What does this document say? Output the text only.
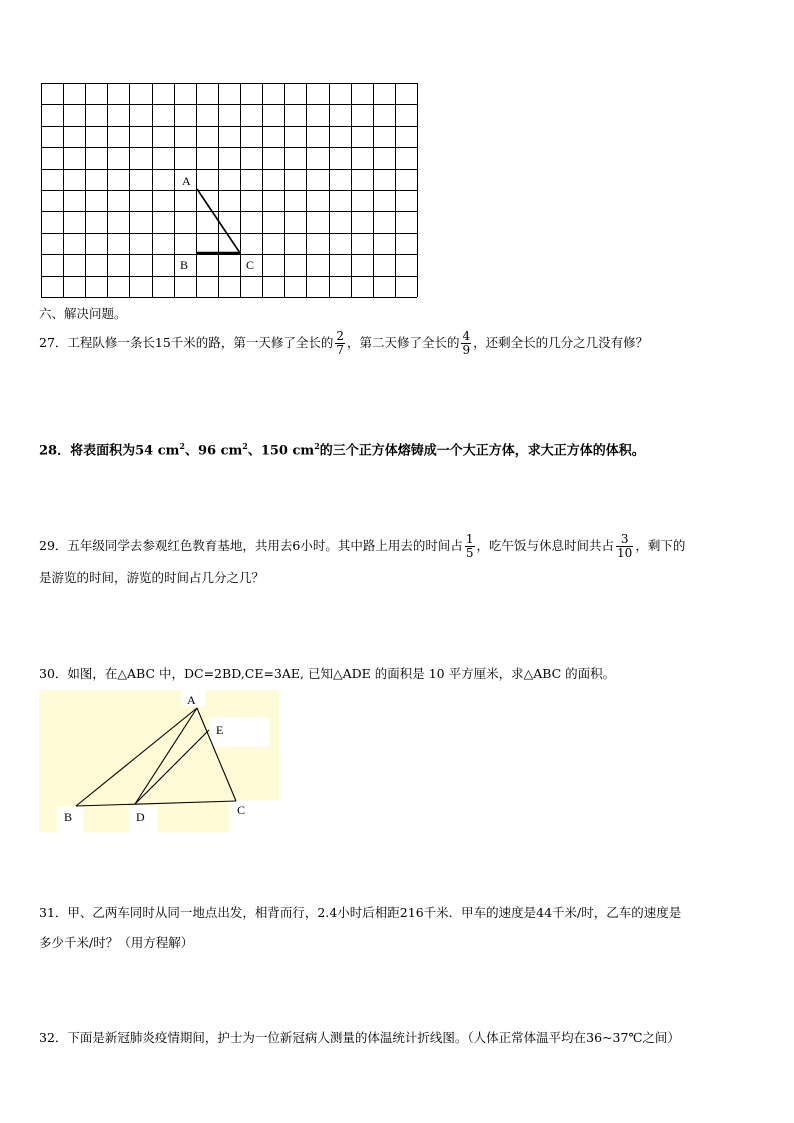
A
B	C
六、解决问题。
27．工程队修一条长15千米的路，第一天修了全长的 $\frac{2}{7}$ ，第二天修了全长的 $\frac{4}{9}$ ，还剩全长的几分之几没有修？
28．将表面积为54 $cm^2$、96 $cm^2$、150 $cm^2$的三个正方体熔铸成一个大正方体，求大正方体的体积。
29．五年级同学去参观红色教育基地，共用去6小时。其中路上用去的时间占 $\frac{1}{5}$ ，吃午饭与休息时间共占 $\frac{3}{10}$ ，剩下的
是游览的时间，游览的时间占几分之几？
30．如图，在△ABC 中，DC=2BD,CE=3AE, 已知△ADE 的面积是 10 平方厘米，求△ABC 的面积。
A
E
C
B	D
31．甲、乙两车同时从同一地点出发，相背而行，2.4小时后相距216千米．甲车的速度是44千米/时，乙车的速度是
多少千米/时？（用方程解）
32．下面是新冠肺炎疫情期间，护士为一位新冠病人测量的体温统计折线图。（人体正常体温平均在36~37℃之间）
